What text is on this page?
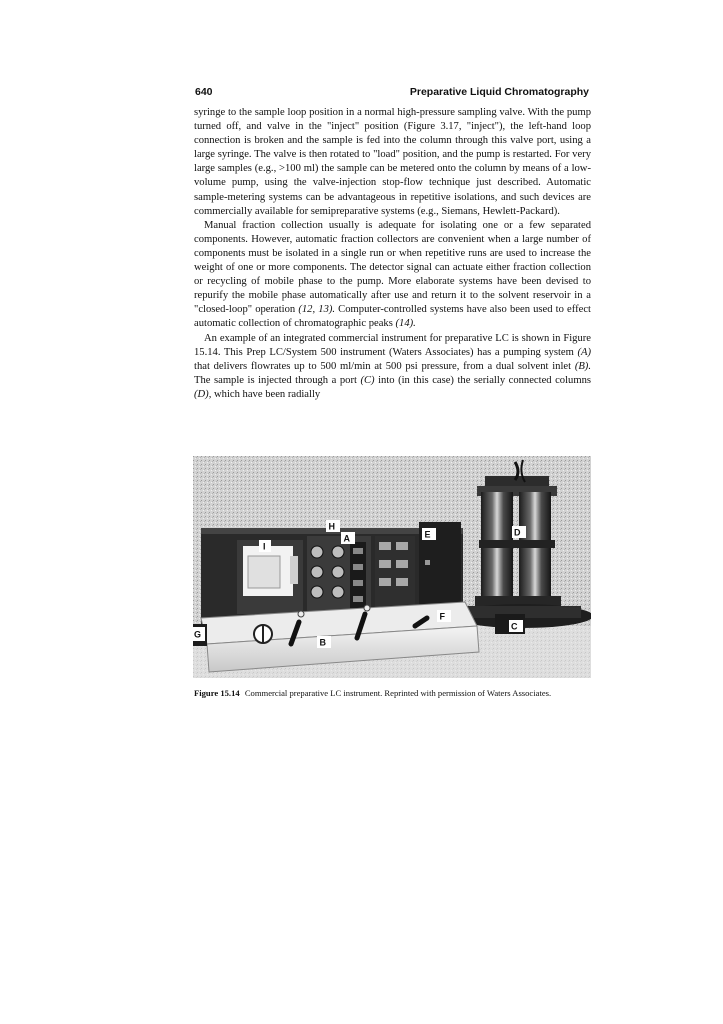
640	Preparative Liquid Chromatography

syringe to the sample loop position in a normal high-pressure sampling valve. With the pump turned off, and valve in the "inject" position (Figure 3.17, "inject"), the left-hand loop connection is broken and the sample is fed into the column through this valve port, using a large syringe. The valve is then rotated to "load" position, and the pump is restarted. For very large samples (e.g., >100 ml) the sample can be metered onto the column by means of a low-volume pump, using the valve-injection stop-flow technique just described. Automatic sample-metering systems can be advantageous in repetitive isolations, and such devices are commercially available for semipreparative systems (e.g., Siemans, Hewlett-Packard).

Manual fraction collection usually is adequate for isolating one or a few separated components. However, automatic fraction collectors are convenient when a large number of components must be isolated in a single run or when repetitive runs are used to increase the weight of one or more components. The detector signal can actuate either fraction collection or recycling of mobile phase to the pump. More elaborate systems have been devised to repurify the mobile phase automatically after use and return it to the solvent reservoir in a "closed-loop" operation (12, 13). Computer-controlled systems have also been used to effect automatic collection of chromatographic peaks (14).

An example of an integrated commercial instrument for preparative LC is shown in Figure 15.14. This Prep LC/System 500 instrument (Waters Associates) has a pumping system (A) that delivers flowrates up to 500 ml/min at 500 psi pressure, from a dual solvent inlet (B). The sample is injected through a port (C) into (in this case) the serially connected columns (D), which have been radially

H
A
I
E	D
F
B
C
G
Figure 15.14 Commercial preparative LC instrument. Reprinted with permission of Waters Associates.
